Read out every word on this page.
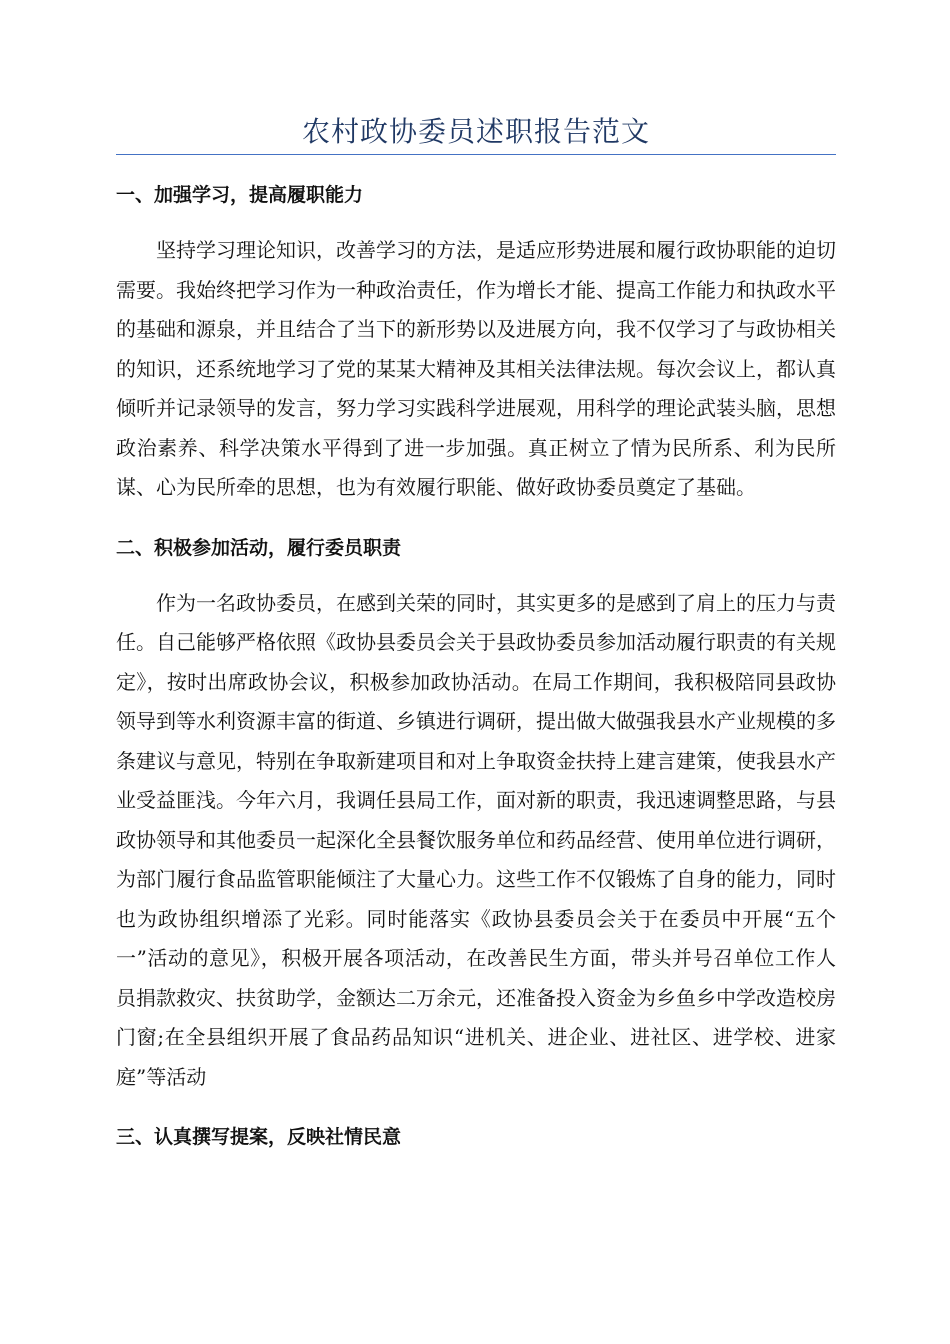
农村政协委员述职报告范文
一、加强学习，提高履职能力

坚持学习理论知识，改善学习的方法，是适应形势进展和履行政协职能的迫切需要。我始终把学习作为一种政治责任，作为增长才能、提高工作能力和执政水平的基础和源泉，并且结合了当下的新形势以及进展方向，我不仅学习了与政协相关的知识，还系统地学习了党的某某大精神及其相关法律法规。每次会议上，都认真倾听并记录领导的发言，努力学习实践科学进展观，用科学的理论武装头脑，思想政治素养、科学决策水平得到了进一步加强。真正树立了情为民所系、利为民所谋、心为民所牵的思想，也为有效履行职能、做好政协委员奠定了基础。

二、积极参加活动，履行委员职责

作为一名政协委员，在感到关荣的同时，其实更多的是感到了肩上的压力与责任。自己能够严格依照《政协县委员会关于县政协委员参加活动履行职责的有关规定》，按时出席政协会议，积极参加政协活动。在局工作期间，我积极陪同县政协领导到等水利资源丰富的街道、乡镇进行调研，提出做大做强我县水产业规模的多条建议与意见，特别在争取新建项目和对上争取资金扶持上建言建策，使我县水产业受益匪浅。今年六月，我调任县局工作，面对新的职责，我迅速调整思路，与县政协领导和其他委员一起深化全县餐饮服务单位和药品经营、使用单位进行调研，为部门履行食品监管职能倾注了大量心力。这些工作不仅锻炼了自身的能力，同时也为政协组织增添了光彩。同时能落实《政协县委员会关于在委员中开展“五个一”活动的意见》，积极开展各项活动，在改善民生方面，带头并号召单位工作人员捐款救灾、扶贫助学，金额达二万余元，还准备投入资金为乡鱼乡中学改造校房门窗;在全县组织开展了食品药品知识“进机关、进企业、进社区、进学校、进家庭”等活动

三、认真撰写提案，反映社情民意
